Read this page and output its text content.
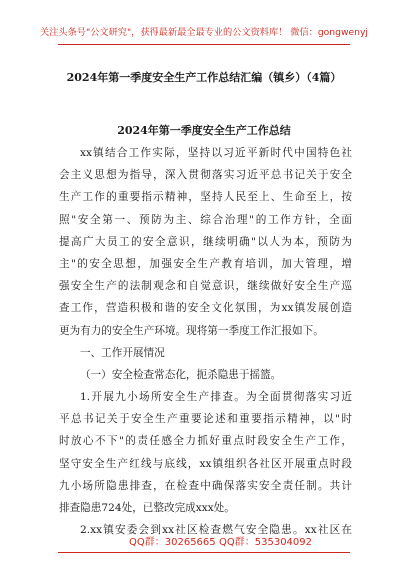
关注头条号"公文研究"，获得最新最全最专业的公文资料库！ 微信：gongwenyj
2024年第一季度安全生产工作总结汇编（镇乡）（4篇）
2024年第一季度安全生产工作总结
xx镇结合工作实际，坚持以习近平新时代中国特色社
会主义思想为指导，深入贯彻落实习近平总书记关于安全
生产工作的重要指示精神，坚持人民至上、生命至上，按
照"安全第一、预防为主、综合治理"的工作方针，全面
提高广大员工的安全意识，继续明确"以人为本，预防为
主"的安全思想，加强安全生产教育培训，加大管理，增
强安全生产的法制观念和自觉意识，继续做好安全生产巡
查工作，营造积极和谐的安全文化氛围，为xx镇发展创造
更为有力的安全生产环境。现将第一季度工作汇报如下。
一、工作开展情况
（一）安全检查常态化，扼杀隐患于摇篮。
1.开展九小场所安全生产排查。为全面贯彻落实习近
平总书记关于安全生产重要论述和重要指示精神，以"时
时放心不下"的责任感全力抓好重点时段安全生产工作，
坚守安全生产红线与底线，xx镇组织各社区开展重点时段
九小场所隐患排查，在检查中确保落实安全责任制。共计
排查隐患724处，已整改完成xxx处。
2.xx镇安委会到xx社区检查燃气安全隐患。xx社区在
QQ群：30265665 QQ群：535304092
